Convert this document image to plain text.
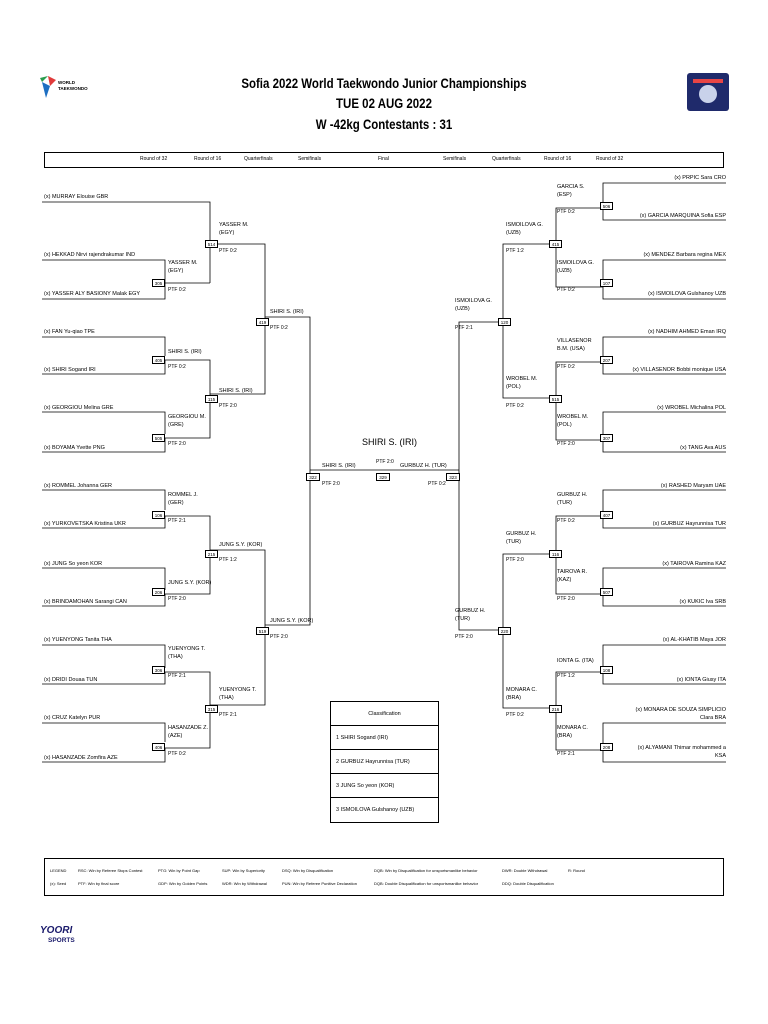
WORLD
TAEKWONDO	Sofia 2022 World Taekwondo Junior Championships
TUE 02 AUG 2022
W -42kg Contestants : 31
Round of 32	Round of 16	Quarterfinals	Semifinals	Final	Semifinals	Quarterfinals	Round of 16	Round of 32
(x) MURRAY Elouise GBR
(x) HEKKAD Nirvi rajendrakumar IND
(x) YASSER ALY BASIONY Malak EGY
(x) FAN Yu-qiao TPE
(x) SHIRI Sogand IRI
(x) GEORGIOU Melina GRE
(x) BOYAMA Yvette PNG
(x) ROMMEL Johanna GER
(x) YURKOVETSKA Kristina UKR
(x) JUNG So yeon KOR
(x) BRINDAMOHAN Sarangi CAN
(x) YUENYONG Tanita THA
(x) DRIDI Douaa TUN
(x) CRUZ Katelyn PUR
(x) HASANZADE Zomfira AZE
(x) PRPIC Sara CRO
(x) GARCIA MARQUINA Sofia ESP
(x) MENDEZ Barbara regina MEX
(x) ISMOILOVA Gulshanoy UZB
(x) NADHIM AHMED Eman IRQ
(x) VILLASENOR Bobbi monique USA
(x) WROBEL Michalina POL
(x) TANG Ava AUS
(x) RASHED Maryam UAE
(x) GURBUZ Hayrunnisa TUR
(x) TAIROVA Ramina KAZ
(x) KUKIC Iva SRB
(x) AL-KHATIB Maya JOR
(x) IONTA Giusy ITA
(x) MONARA DE SOUZA SIMPLICIO
Clara BRA
(x) ALYAMANI Thimar mohammed a
KSA
YASSER M.
(EGY)
305
PTF 0:2
YASSER M.
(EGY)
514
PTF 0:2
SHIRI S. (IRI)
405
PTF 0:2
GEORGIOU M.
(GRE)
505
PTF 2:0
SHIRI S. (IRI)
115
PTF 2:0
SHIRI S. (IRI)
419
PTF 0:2
ROMMEL J.
(GER)
106
PTF 2:1
JUNG S.Y. (KOR)
206
PTF 2:0
JUNG S.Y. (KOR)
215
PTF 1:2
YUENYONG T.
(THA)
306
PTF 2:1
HASANZADE Z.
(AZE)
406
PTF 0:2
YUENYONG T.
(THA)
315
PTF 2:1
JUNG S.Y. (KOR)
519
PTF 2:0
SHIRI S. (IRI)
322
PTF 2:0
SHIRI S. (IRI)
PTF 2:0
329
GURBUZ H. (TUR)
323
PTF 0:2
GARCIA S.
(ESP)
506
PTF 0:2
ISMOILOVA G.
(UZB)
107
PTF 0:2
ISMOILOVA G.
(UZB)
415
PTF 1:2
VILLASENOR
B.M. (USA)
207
PTF 0:2
WROBEL M.
(POL)
307
PTF 2:0
WROBEL M.
(POL)
515
PTF 0:2
ISMOILOVA G.
(UZB)
120
PTF 2:1
GURBUZ H.
(TUR)
407
PTF 0:2
TAIROVA R.
(KAZ)
507
PTF 2:0
GURBUZ H.
(TUR)
116
PTF 2:0
IONTA G. (ITA)
108
PTF 1:2
MONARA C.
(BRA)
208
PTF 2:1
MONARA C.
(BRA)
216
PTF 0:2
GURBUZ H.
(TUR)
220
PTF 2:0
Classification
1 SHIRI Sogand (IRI)
2 GURBUZ Hayrunnisa (TUR)
3 JUNG So yeon (KOR)
3 ISMOILOVA Gulshanoy (UZB)
LEGEND	RSC: Win by Referee Stops Contest	PTG: Win by Point Gap	SUP: Win by Superiority	DSQ: Win by Disqualification	DQB: Win by Disqualification for unsportsmanlike behavior	DWR: Double Withdrawal	R: Round
(x): Seed	PTF: Win by final score	GDP: Win by Golden Points	WDR: Win by Withdrawal	PUN: Win by Referee Punitive Declaration	DQB: Double Disqualification for unsportsmanlike behavior	DDQ: Double Disqualification
YOORI
SPORTS
